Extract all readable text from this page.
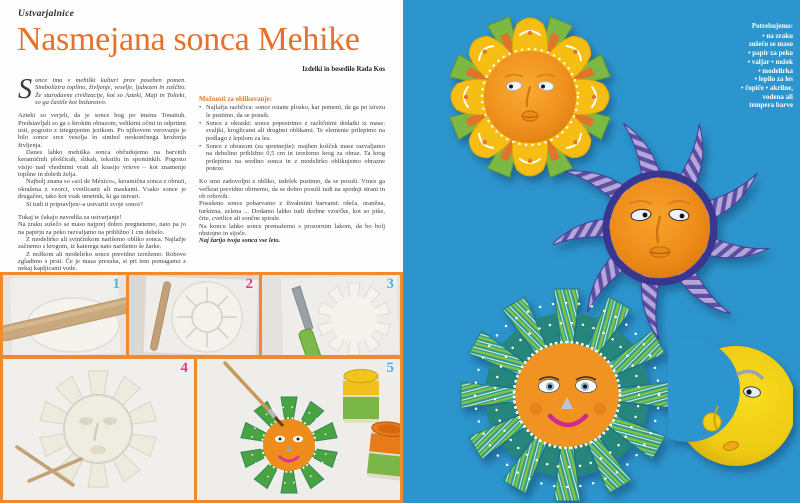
Ustvarjalnice
Nasmejana sonca Mehike
Izdelki in besedilo Rada Kos

Sonce ima v mehiški kulturi prav poseben pomen. Simbolizira toplino, življenje, veselje, ljubezen in zaščito. Že starodavne civilizacije, kot so Azteki, Maji in Tolteki, so ga častile kot božanstvo.

Azteki so verjeli, da je sonce bog po imenu Tonatiuh. Predstavljali so ga s širokim obrazom, velikimi očmi in odprtimi usti, pogosto z iztegnjenim jezikom. Po njihovem verovanju je bilo sonce srce vesolja in simbol neskončnega kroženja življenja.

Danes lahko mehiška sonca občudujemo na barvitih keramičnih ploščicah, slikah, tekstilu in spominkih. Pogosto visijo nad vhodnimi vrati ali krasijo vrtove – kot znamenje topline in dobrih želja.

Najbolj znana so »sol de México«, keramična sonca z obrazi, okrašena z vzorci, cvetlicami ali maskami. Vsako sonce je drugačno, tako kot vsak umetnik, ki ga ustvari.

Si tudi ti pripravljen/-a ustvariti svoje sonce?

Tukaj te čakajo navodila za ustvarjanje!

Na zraku sušečo se maso najprej dobro pregnetemo, nato pa jo na papirju za peko razvaljamo na približno 1 cm debelo.

Z modelirko ali svinčnikom narišemo obliko sonca. Najlažje začnemo s krogom, iz katerega nato narišemo še žarke.

Z nožkom ali modelirko sonce previdno izrežemo. Robove zgladimo s prsti. Če je masa presuha, si pri tem pomagamo z nekaj kapljicami vode.

Možnosti za oblikovanje:

• Najlažja različica: sonce ostane plosko, kar pomeni, da ga po izrezu le pustimo, da se posuši.
• Sonce z okraski: sonce popestrimo z različnimi dodatki iz mase: svaljki, kroglicami ali drugimi oblikami. Te elemente prilepimo na podlago z lepilom za les.
• Sonce z obrazom (za spretnejše): majhen košček mase razvaljamo na debelino približno 0,5 cm in izrežemo krog za obraz. Ta krog prilepimo na sredino sonca in z modelirko oblikujemo obrazne poteze.

Ko smo zadovoljni z obliko, izdelek pustimo, da se posuši. Vmes ga večkrat previdno obrnemo, da se dobro posuši tudi na spodnji strani in ob robovih.

Posušeno sonce pobarvamo z živahnimi barvami: rdeča, oranžna, turkizna, zelena ... Dodamo lahko tudi drobne vzorčke, kot so pike, črte, cvetlice ali sončne spirale.

Na koncu lahko sonce premažemo s prozornim lakom, da bo bolj obstojno in sijoče.

Naj žarijo tvoja sonca vse leto.

1	2	3
4	5
Potrebujemo:
• na zraku
sušečo se maso
• papir za peko
• valjar • nožek
• modelirka
• lepilo za les
• čopiče • akrilne,
vodena ali
tempera barve
